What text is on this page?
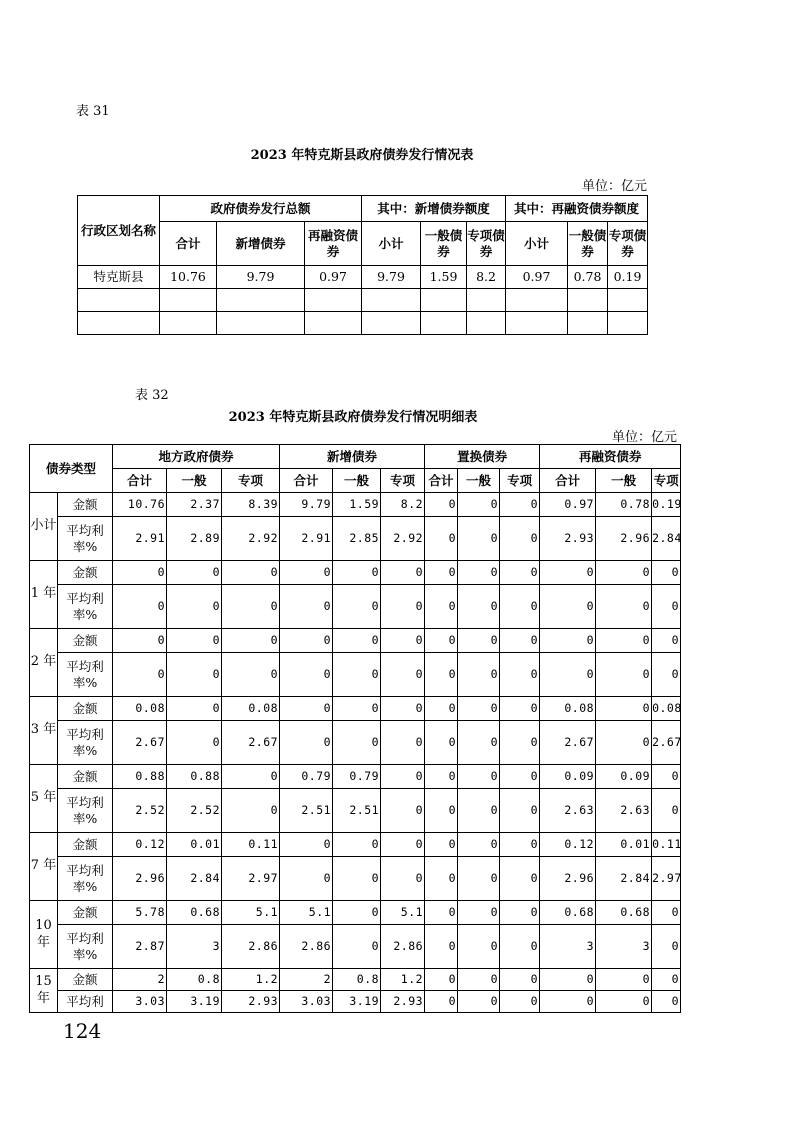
表 31
2023 年特克斯县政府债券发行情况表
单位：亿元
行政区划名称	政府债券发行总额			其中：新增债券额度			其中：再融资债券额度		
	合计	新增债券	再融资债券	小计	一般债券	专项债券	小计	一般债券	专项债券
特克斯县	10.76	9.79	0.97	9.79	1.59	8.2	0.97	0.78	0.19

表 32
2023 年特克斯县政府债券发行情况明细表
单位：亿元
债券类型		地方政府债券			新增债券			置换债券			再融资债券		
		合计	一般	专项	合计	一般	专项	合计	一般	专项	合计	一般	专项
小计	金额	10.76	2.37	8.39	9.79	1.59	8.2	0	0	0	0.97	0.78	0.19
	平均利率%	2.91	2.89	2.92	2.91	2.85	2.92	0	0	0	2.93	2.96	2.84
1 年	金额	0	0	0	0	0	0	0	0	0	0	0	0
	平均利率%	0	0	0	0	0	0	0	0	0	0	0	0
2 年	金额	0	0	0	0	0	0	0	0	0	0	0	0
	平均利率%	0	0	0	0	0	0	0	0	0	0	0	0
3 年	金额	0.08	0	0.08	0	0	0	0	0	0	0.08	0	0.08
	平均利率%	2.67	0	2.67	0	0	0	0	0	0	2.67	0	2.67
5 年	金额	0.88	0.88	0	0.79	0.79	0	0	0	0	0.09	0.09	0
	平均利率%	2.52	2.52	0	2.51	2.51	0	0	0	0	2.63	2.63	0
7 年	金额	0.12	0.01	0.11	0	0	0	0	0	0	0.12	0.01	0.11
	平均利率%	2.96	2.84	2.97	0	0	0	0	0	0	2.96	2.84	2.97
10 年	金额	5.78	0.68	5.1	5.1	0	5.1	0	0	0	0.68	0.68	0
	平均利率%	2.87	3	2.86	2.86	0	2.86	0	0	0	3	3	0
15 年	金额	2	0.8	1.2	2	0.8	1.2	0	0	0	0	0	0
	平均利	3.03	3.19	2.93	3.03	3.19	2.93	0	0	0	0	0	0
124
